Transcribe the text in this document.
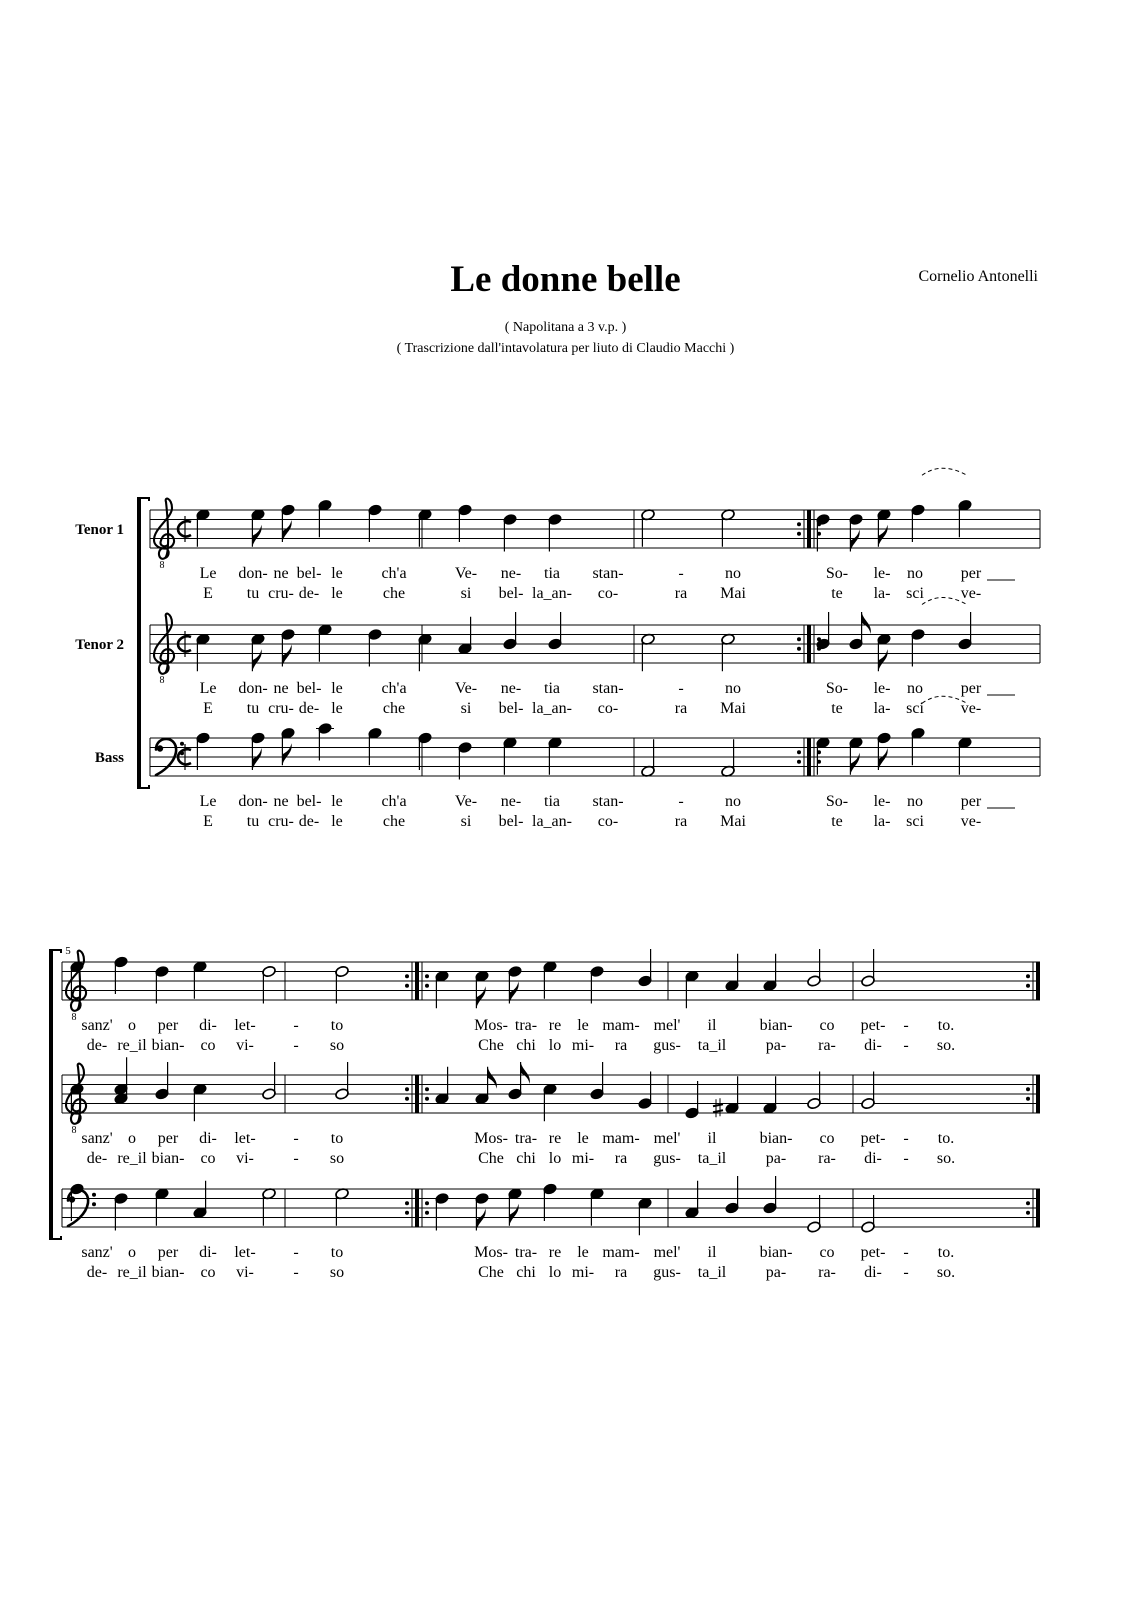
Le donne belle
( Napolitana a 3 v.p. )
( Trascrizione dall'intavolatura per liuto di Claudio Macchi )
Cornelio Antonelli
Tenor 1
8 Le don- ne bel- le ch'a	Ve- ne- tia stan-	-	no	So- le- no per
E tu cru- de- le	che	si bel- la_an- co-	ra Mai	te la- sci ve-
Tenor 2
8 Le don- ne bel- le ch'a	Ve- ne- tia stan-	-	no	So- le- no per
E tu cru- de- le	che	si bel- la_an- co-	ra Mai	te la- sci ve-
Bass
Le don- ne bel- le ch'a	Ve- ne- tia stan-	-	no	So- le- no per
E tu cru- de- le	che	si bel- la_an- co-	ra Mai	te la- sci ve-
5
8 sanz' o per di- let- - to	Mos- tra- re le mam- mel' il	bian- co pet- - to.
de- re_il bian- co vi- - so	Che chi lo mi- ra gus- ta_il pa- ra- di- - so.
8 sanz' o per di- let- - to	Mos- tra- re le mam- mel' il	bian- co pet- - to.
de- re_il bian- co vi- - so	Che chi lo mi- ra gus- ta_il pa- ra- di- - so.
sanz' o per di- let- - to	Mos- tra- re le mam- mel' il	bian- co pet- - to.
de- re_il bian- co vi- - so	Che chi lo mi- ra gus- ta_il pa- ra- di- - so.
